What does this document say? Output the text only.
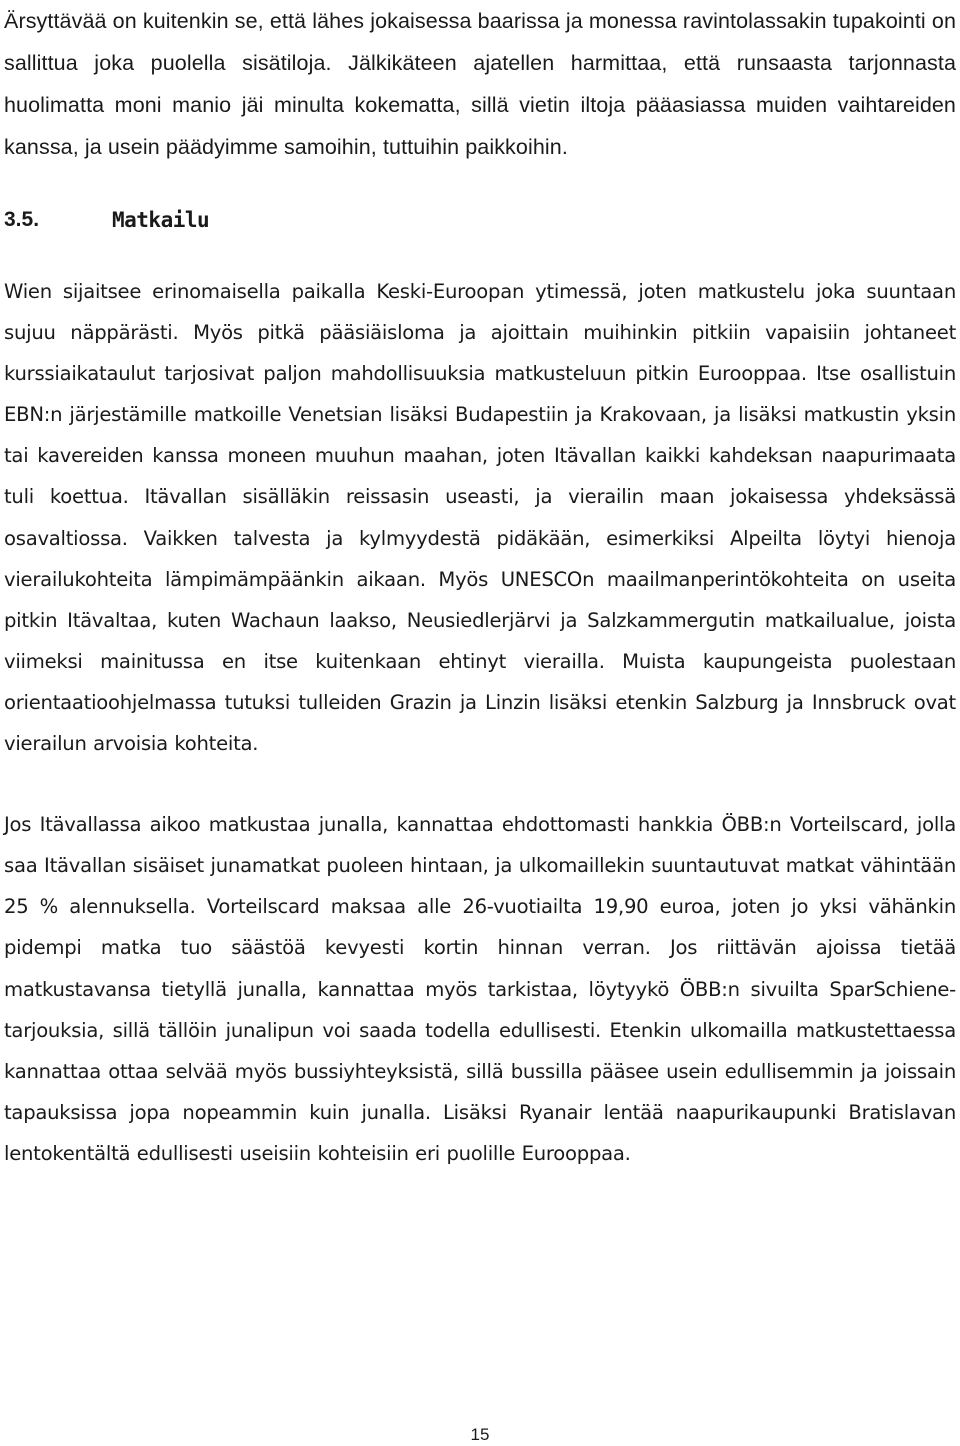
Ärsyttävää on kuitenkin se, että lähes jokaisessa baarissa ja monessa ravintolassakin tupakointi on sallittua joka puolella sisätiloja. Jälkikäteen ajatellen harmittaa, että runsaasta tarjonnasta huolimatta moni manio jäi minulta kokematta, sillä vietin iltoja pääasiassa muiden vaihtareiden kanssa, ja usein päädyimme samoihin, tuttuihin paikkoihin.

3.5.	Matkailu

Wien sijaitsee erinomaisella paikalla Keski-Euroopan ytimessä, joten matkustelu joka suuntaan sujuu näppärästi. Myös pitkä pääsiäisloma ja ajoittain muihinkin pitkiin vapaisiin johtaneet kurssiaikataulut tarjosivat paljon mahdollisuuksia matkusteluun pitkin Eurooppaa. Itse osallistuin EBN:n järjestämille matkoille Venetsian lisäksi Budapestiin ja Krakovaan, ja lisäksi matkustin yksin tai kavereiden kanssa moneen muuhun maahan, joten Itävallan kaikki kahdeksan naapurimaata tuli koettua. Itävallan sisälläkin reissasin useasti, ja vierailin maan jokaisessa yhdeksässä osavaltiossa. Vaikken talvesta ja kylmyydestä pidäkään, esimerkiksi Alpeilta löytyi hienoja vierailukohteita lämpimämpäänkin aikaan. Myös UNESCOn maailmanperintökohteita on useita pitkin Itävaltaa, kuten Wachaun laakso, Neusiedlerjärvi ja Salzkammergutin matkailualue, joista viimeksi mainitussa en itse kuitenkaan ehtinyt vierailla. Muista kaupungeista puolestaan orientaatioohjelmassa tutuksi tulleiden Grazin ja Linzin lisäksi etenkin Salzburg ja Innsbruck ovat vierailun arvoisia kohteita.

Jos Itävallassa aikoo matkustaa junalla, kannattaa ehdottomasti hankkia ÖBB:n Vorteilscard, jolla saa Itävallan sisäiset junamatkat puoleen hintaan, ja ulkomaillekin suuntautuvat matkat vähintään 25 % alennuksella. Vorteilscard maksaa alle 26-vuotiailta 19,90 euroa, joten jo yksi vähänkin pidempi matka tuo säästöä kevyesti kortin hinnan verran. Jos riittävän ajoissa tietää matkustavansa tietyllä junalla, kannattaa myös tarkistaa, löytyykö ÖBB:n sivuilta SparSchiene-tarjouksia, sillä tällöin junalipun voi saada todella edullisesti. Etenkin ulkomailla matkustettaessa kannattaa ottaa selvää myös bussiyhteyksistä, sillä bussilla pääsee usein edullisemmin ja joissain tapauksissa jopa nopeammin kuin junalla. Lisäksi Ryanair lentää naapurikaupunki Bratislavan lentokentältä edullisesti useisiin kohteisiin eri puolille Eurooppaa.

15
